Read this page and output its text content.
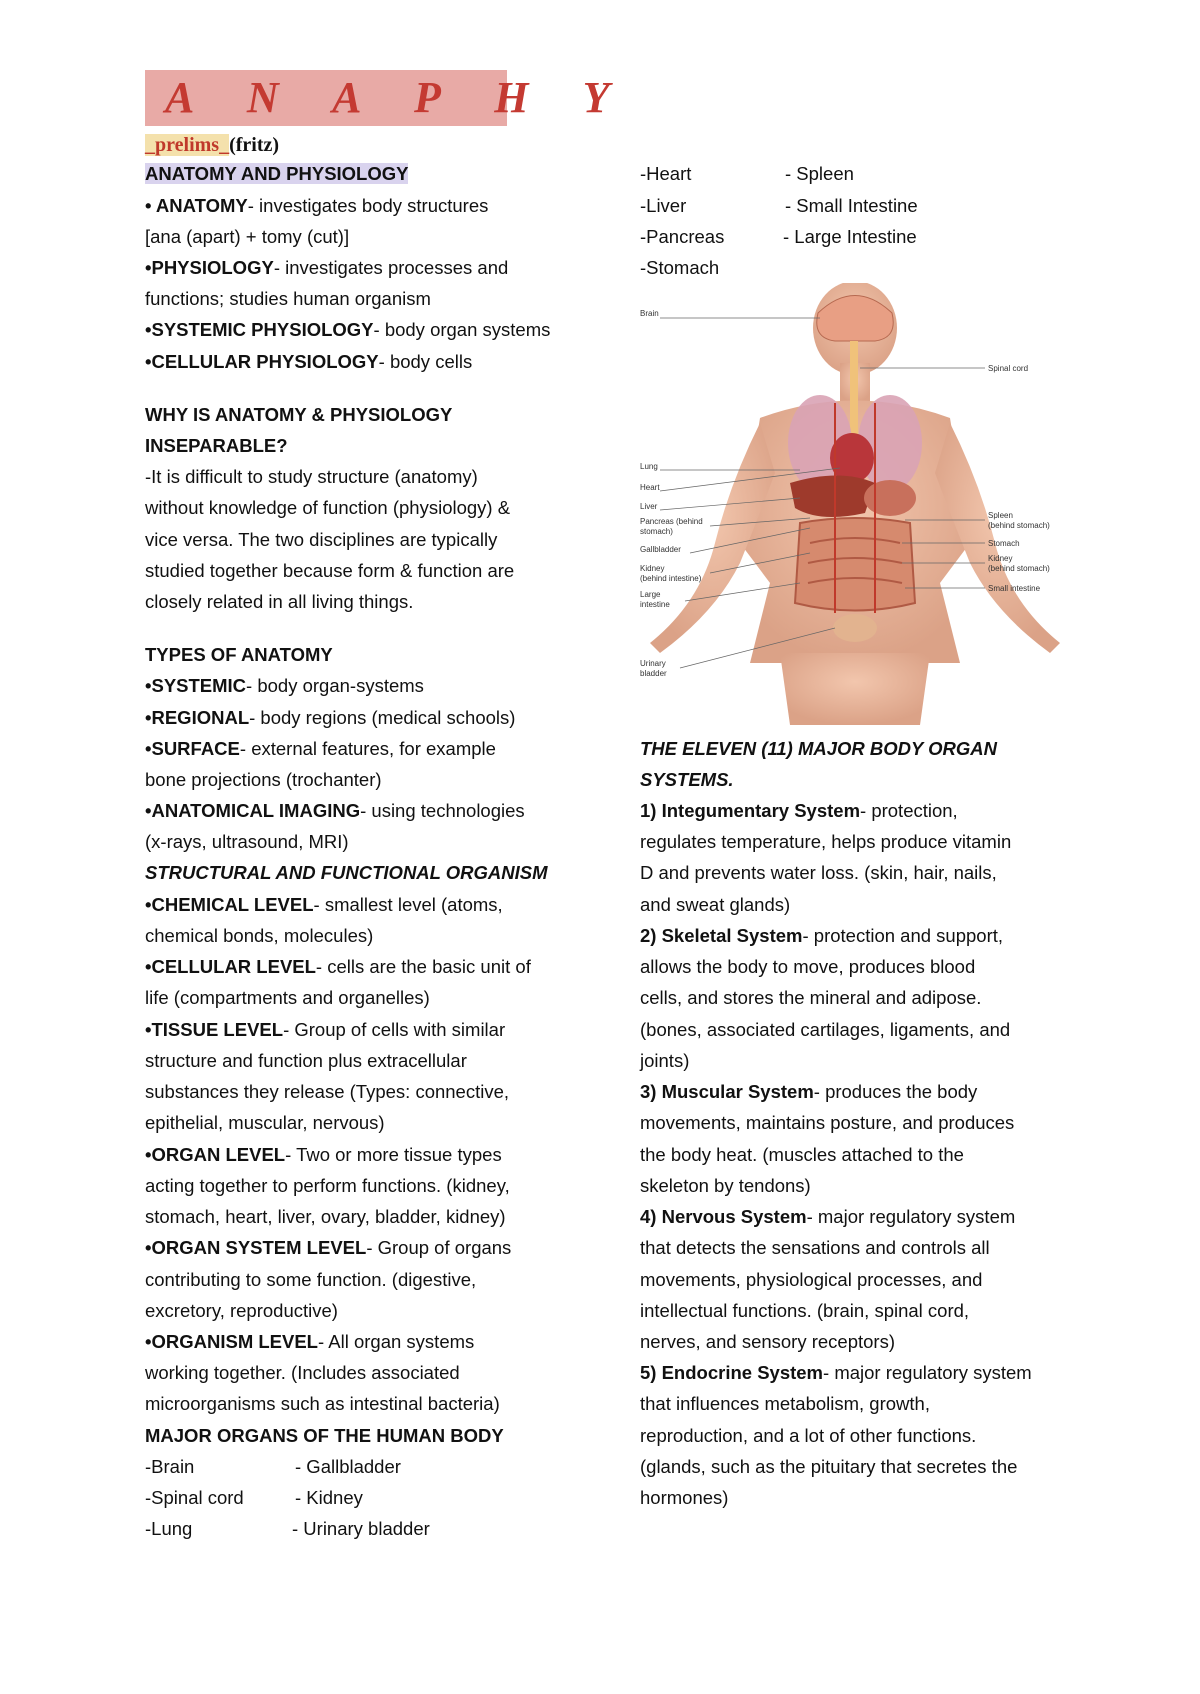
A N A P H Y
_prelims_(fritz)
ANATOMY AND PHYSIOLOGY
• ANATOMY- investigates body structures
[ana (apart) + tomy (cut)]
•PHYSIOLOGY- investigates processes and
functions; studies human organism
•SYSTEMIC PHYSIOLOGY- body organ systems
•CELLULAR PHYSIOLOGY- body cells
WHY IS ANATOMY & PHYSIOLOGY
INSEPARABLE?
-It is difficult to study structure (anatomy)
without knowledge of function (physiology) &
vice versa. The two disciplines are typically
studied together because form & function are
closely related in all living things.
TYPES OF ANATOMY
•SYSTEMIC- body organ-systems
•REGIONAL- body regions (medical schools)
•SURFACE- external features, for example
bone projections (trochanter)
•ANATOMICAL IMAGING- using technologies
(x-rays, ultrasound, MRI)
STRUCTURAL AND FUNCTIONAL ORGANISM
•CHEMICAL LEVEL- smallest level (atoms,
chemical bonds, molecules)
•CELLULAR LEVEL- cells are the basic unit of
life (compartments and organelles)
•TISSUE LEVEL- Group of cells with similar
structure and function plus extracellular
substances they release (Types: connective,
epithelial, muscular, nervous)
•ORGAN LEVEL- Two or more tissue types
acting together to perform functions. (kidney,
stomach, heart, liver, ovary, bladder, kidney)
•ORGAN SYSTEM LEVEL- Group of organs
contributing to some function. (digestive,
excretory, reproductive)
•ORGANISM LEVEL- All organ systems
working together. (Includes associated
microorganisms such as intestinal bacteria)
MAJOR ORGANS OF THE HUMAN BODY
-Brain	- Gallbladder
-Spinal cord	- Kidney
-Lung	- Urinary bladder
-Heart	- Spleen
-Liver	- Small Intestine
-Pancreas	- Large Intestine
-Stomach
Brain
Lung
Heart
Liver
Pancreas (behind
stomach)
Gallbladder
Kidney
(behind intestine)
Large
intestine
Urinary
bladder
Spinal cord
Spleen
(behind stomach)
Stomach
Kidney
(behind stomach)
Small intestine
THE ELEVEN (11) MAJOR BODY ORGAN
SYSTEMS.
1) Integumentary System- protection,
regulates temperature, helps produce vitamin
D and prevents water loss. (skin, hair, nails,
and sweat glands)
2) Skeletal System- protection and support,
allows the body to move, produces blood
cells, and stores the mineral and adipose.
(bones, associated cartilages, ligaments, and
joints)
3) Muscular System- produces the body
movements, maintains posture, and produces
the body heat. (muscles attached to the
skeleton by tendons)
4) Nervous System- major regulatory system
that detects the sensations and controls all
movements, physiological processes, and
intellectual functions. (brain, spinal cord,
nerves, and sensory receptors)
5) Endocrine System- major regulatory system
that influences metabolism, growth,
reproduction, and a lot of other functions.
(glands, such as the pituitary that secretes the
hormones)
